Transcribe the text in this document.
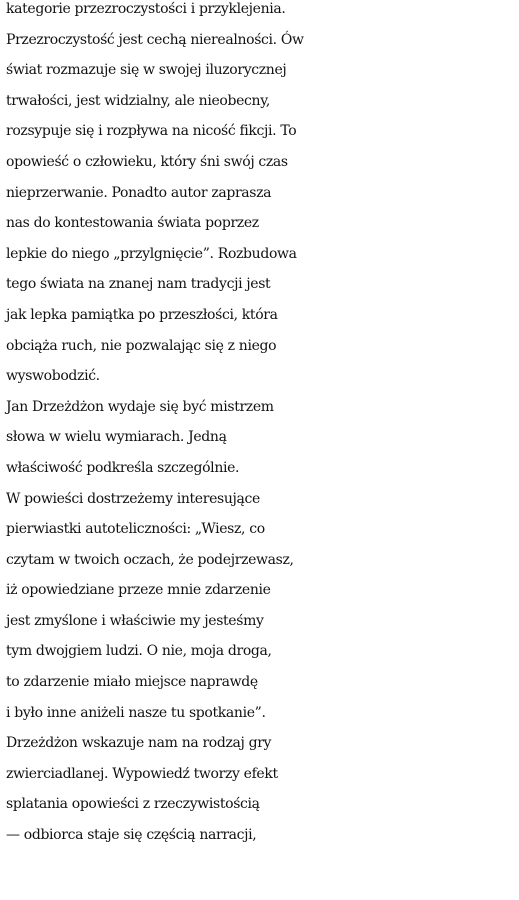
kategorie przezroczystości i przyklejenia.
Przezroczystość jest cechą nierealności. Ów
świat rozmazuje się w swojej iluzorycznej
trwałości, jest widzialny, ale nieobecny,
rozsypuje się i rozpływa na nicość fikcji. To
opowieść o człowieku, który śni swój czas
nieprzerwanie. Ponadto autor zaprasza
nas do kontestowania świata poprzez
lepkie do niego „przylgnięcie”. Rozbudowa
tego świata na znanej nam tradycji jest
jak lepka pamiątka po przeszłości, która
obciąża ruch, nie pozwalając się z niego
wyswobodzić.
Jan Drzeżdżon wydaje się być mistrzem
słowa w wielu wymiarach. Jedną
właściwość podkreśla szczególnie.
W powieści dostrzeżemy interesujące
pierwiastki autoteliczności: „Wiesz, co
czytam w twoich oczach, że podejrzewasz,
iż opowiedziane przeze mnie zdarzenie
jest zmyślone i właściwie my jesteśmy
tym dwojgiem ludzi. O nie, moja droga,
to zdarzenie miało miejsce naprawdę
i było inne aniżeli nasze tu spotkanie”.
Drzeżdżon wskazuje nam na rodzaj gry
zwierciadlanej. Wypowiedź tworzy efekt
splatania opowieści z rzeczywistością
— odbiorca staje się częścią narracji,
